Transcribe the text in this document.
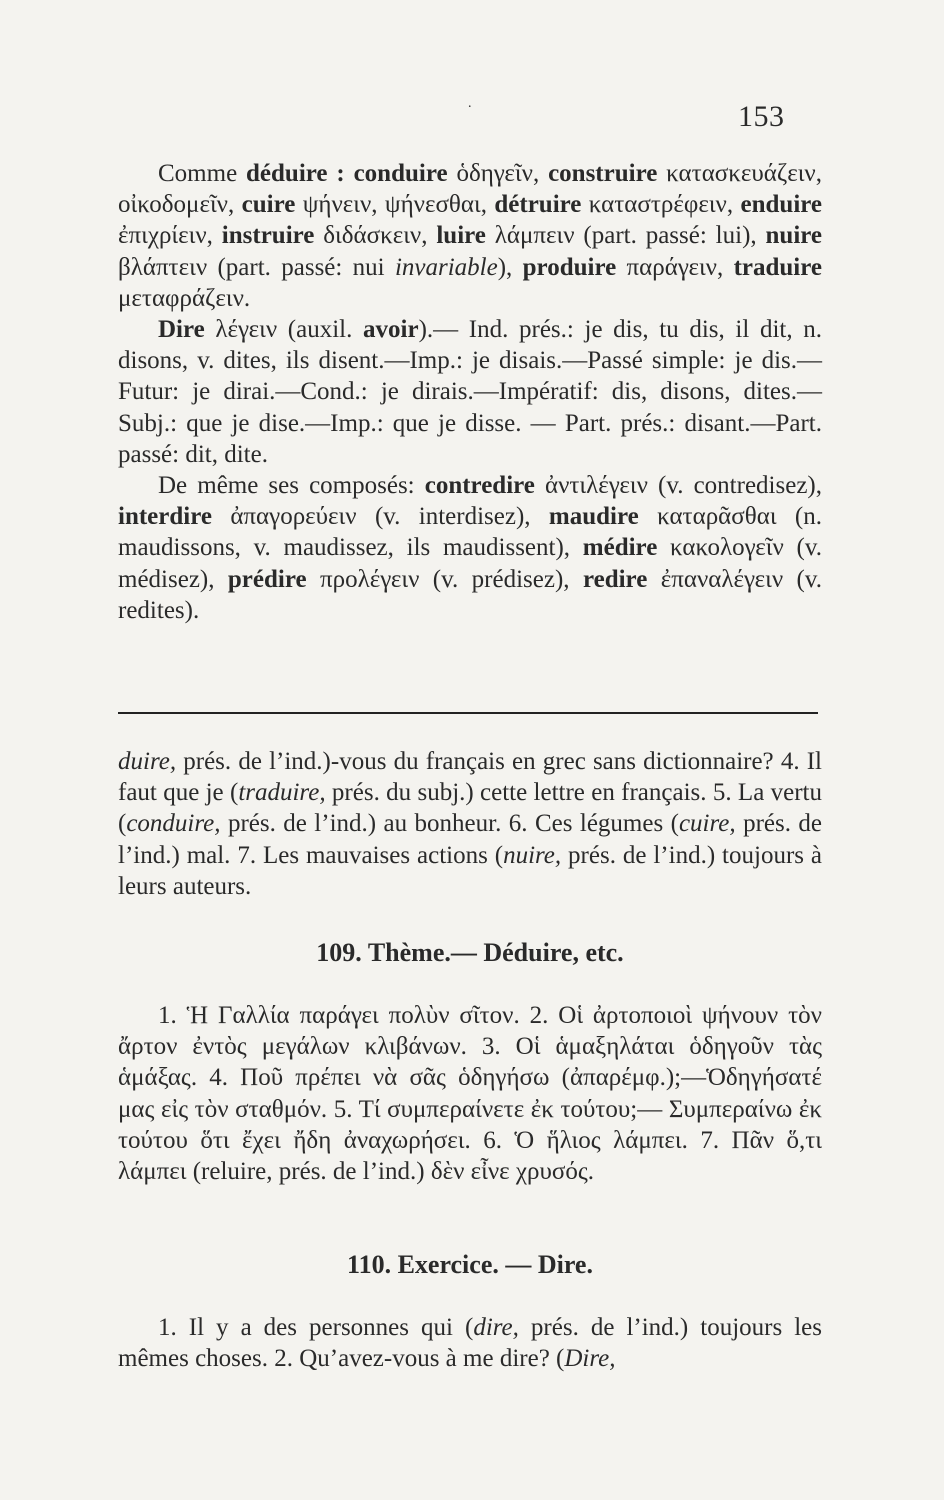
.	153

Comme déduire : conduire ὁδηγεῖν, construire κατασκευάζειν, οἰκοδομεῖν, cuire ψήνειν, ψήνεσθαι, détruire καταστρέφειν, enduire ἐπιχρίειν, instruire διδάσκειν, luire λάμπειν (part. passé: lui), nuire βλάπτειν (part. passé: nui invariable), produire παράγειν, traduire μεταφράζειν.

Dire λέγειν (auxil. avoir).— Ind. prés.: je dis, tu dis, il dit, n. disons, v. dites, ils disent.—Imp.: je disais.—Passé simple: je dis.—Futur: je dirai.—Cond.: je dirais.—Impératif: dis, disons, dites.—Subj.: que je dise.—Imp.: que je disse. — Part. prés.: disant.—Part. passé: dit, dite.

De même ses composés: contredire ἀντιλέγειν (v. contredisez), interdire ἀπαγορεύειν (v. interdisez), maudire καταρᾶσθαι (n. maudissons, v. maudissez, ils maudissent), médire κακολογεῖν (v. médisez), prédire προλέγειν (v. prédisez), redire ἐπαναλέγειν (v. redites).

duire, prés. de l’ind.)-vous du français en grec sans dictionnaire? 4. Il faut que je (traduire, prés. du subj.) cette lettre en français. 5. La vertu (conduire, prés. de l’ind.) au bonheur. 6. Ces légumes (cuire, prés. de l’ind.) mal. 7. Les mauvaises actions (nuire, prés. de l’ind.) toujours à leurs auteurs.

109. Thème.— Déduire, etc.

1. Ἡ Γαλλία παράγει πολὺν σῖτον. 2. Οἱ ἀρτοποιοὶ ψήνουν τὸν ἄρτον ἐντὸς μεγάλων κλιβάνων. 3. Οἱ ἁμαξηλάται ὁδηγοῦν τὰς ἁμάξας. 4. Ποῦ πρέπει νὰ σᾶς ὁδηγήσω (ἀπαρέμφ.);—Ὁδηγήσατέ μας εἰς τὸν σταθμόν. 5. Τί συμπεραίνετε ἐκ τούτου;— Συμπεραίνω ἐκ τούτου ὅτι ἔχει ἤδη ἀναχωρήσει. 6. Ὁ ἥλιος λάμπει. 7. Πᾶν ὅ,τι λάμπει (reluire, prés. de l’ind.) δὲν εἶνε χρυσός.

110. Exercice. — Dire.

1. Il y a des personnes qui (dire, prés. de l’ind.) toujours les mêmes choses. 2. Qu’avez-vous à me dire? (Dire,
